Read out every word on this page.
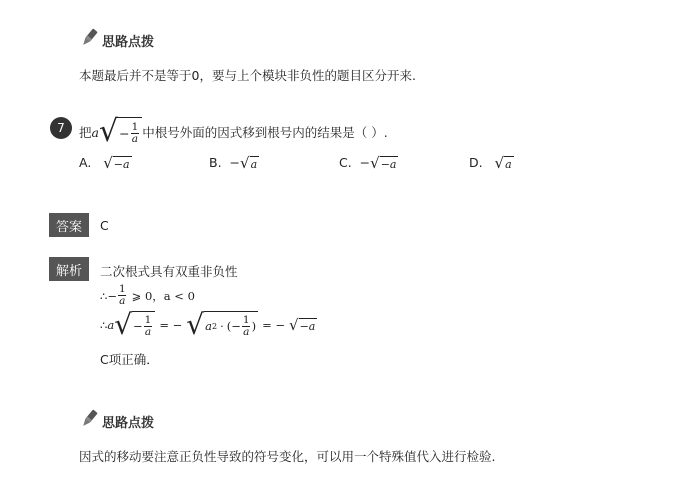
思路点拨
本题最后并不是等于0，要与上个模块非负性的题目区分开来.
7	把 a √ − $\frac{1}{a}$ 中根号外面的因式移到根号内的结果是（ ）.
A. √ −a	B. − √ a	C. − √ −a	D. √ a
答案	C
解析	二次根式具有双重非负性
∴ − $\frac{1}{a}$ ⩾ 0，a < 0
∴ a √ − $\frac{1}{a}$ = − √ a 2 · (− $\frac{1}{a}$ ) = − √ −a
C项正确．
思路点拨
因式的移动要注意正负性导致的符号变化，可以用一个特殊值代入进行检验.
